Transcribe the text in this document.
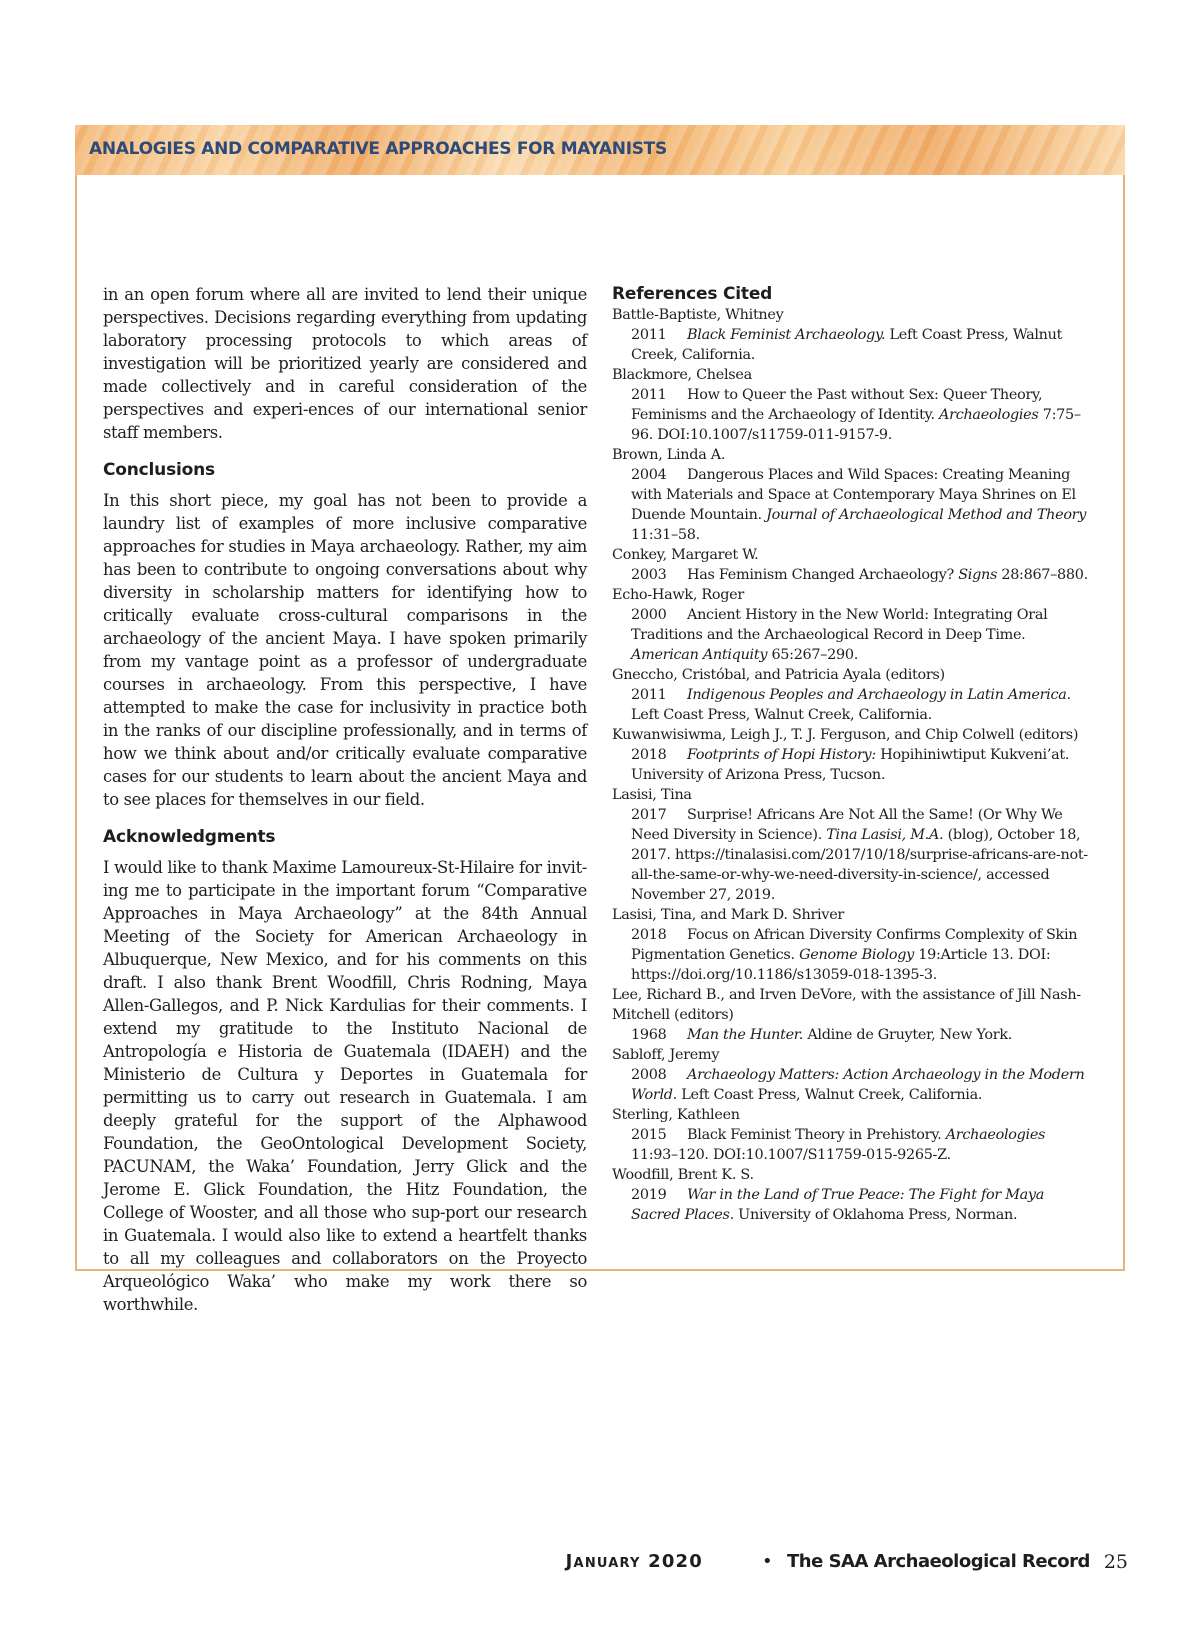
ANALOGIES AND COMPARATIVE APPROACHES FOR MAYANISTS

in an open forum where all are invited to lend their unique perspectives. Decisions regarding everything from updating laboratory processing protocols to which areas of investigation will be prioritized yearly are considered and made collectively and in careful consideration of the perspectives and experi-ences of our international senior staff members.

Conclusions

In this short piece, my goal has not been to provide a laundry list of examples of more inclusive comparative approaches for studies in Maya archaeology. Rather, my aim has been to contribute to ongoing conversations about why diversity in scholarship matters for identifying how to critically evaluate cross-cultural comparisons in the archaeology of the ancient Maya. I have spoken primarily from my vantage point as a professor of undergraduate courses in archaeology. From this perspective, I have attempted to make the case for inclusivity in practice both in the ranks of our discipline professionally, and in terms of how we think about and/or critically evaluate comparative cases for our students to learn about the ancient Maya and to see places for themselves in our field.

Acknowledgments

I would like to thank Maxime Lamoureux-St-Hilaire for invit-ing me to participate in the important forum “Comparative Approaches in Maya Archaeology” at the 84th Annual Meeting of the Society for American Archaeology in Albuquerque, New Mexico, and for his comments on this draft. I also thank Brent Woodfill, Chris Rodning, Maya Allen-Gallegos, and P. Nick Kardulias for their comments. I extend my gratitude to the Instituto Nacional de Antropología e Historia de Guatemala (IDAEH) and the Ministerio de Cultura y Deportes in Guatemala for permitting us to carry out research in Guatemala. I am deeply grateful for the support of the Alphawood Foundation, the GeoOntological Development Society, PACUNAM, the Waka’ Foundation, Jerry Glick and the Jerome E. Glick Foundation, the Hitz Foundation, the College of Wooster, and all those who sup-port our research in Guatemala. I would also like to extend a heartfelt thanks to all my colleagues and collaborators on the Proyecto Arqueológico Waka’ who make my work there so worthwhile.

References Cited
Battle-Baptiste, Whitney
2011 Black Feminist Archaeology. Left Coast Press, Walnut Creek, California.
Blackmore, Chelsea
2011 How to Queer the Past without Sex: Queer Theory, Feminisms and the Archaeology of Identity. Archaeologies 7:75–96. DOI:10.1007/s11759-011-9157-9.
Brown, Linda A.
2004 Dangerous Places and Wild Spaces: Creating Meaning with Materials and Space at Contemporary Maya Shrines on El Duende Mountain. Journal of Archaeological Method and Theory 11:31–58.
Conkey, Margaret W.
2003 Has Feminism Changed Archaeology? Signs 28:867–880.
Echo-Hawk, Roger
2000 Ancient History in the New World: Integrating Oral Traditions and the Archaeological Record in Deep Time. American Antiquity 65:267–290.
Gnecchо, Cristóbal, and Patricia Ayala (editors)
2011 Indigenous Peoples and Archaeology in Latin America. Left Coast Press, Walnut Creek, California.
Kuwanwisiwma, Leigh J., T. J. Ferguson, and Chip Colwell (editors)
2018 Footprints of Hopi History: Hopihiniwtiput Kukveni’at. University of Arizona Press, Tucson.
Lasisi, Tina
2017 Surprise! Africans Are Not All the Same! (Or Why We Need Diversity in Science). Tina Lasisi, M.A. (blog), October 18, 2017. https://tinalasisi.com/2017/10/18/surprise-africans-are-not-all-the-same-or-why-we-need-diversity-in-science/, accessed November 27, 2019.
Lasisi, Tina, and Mark D. Shriver
2018 Focus on African Diversity Confirms Complexity of Skin Pigmentation Genetics. Genome Biology 19:Article 13. DOI: https://doi.org/10.1186/s13059-018-1395-3.
Lee, Richard B., and Irven DeVore, with the assistance of Jill Nash-Mitchell (editors)
1968 Man the Hunter. Aldine de Gruyter, New York.
Sabloff, Jeremy
2008 Archaeology Matters: Action Archaeology in the Modern World. Left Coast Press, Walnut Creek, California.
Sterling, Kathleen
2015 Black Feminist Theory in Prehistory. Archaeologies 11:93–120. DOI:10.1007/S11759-015-9265-Z.
Woodfill, Brent K. S.
2019 War in the Land of True Peace: The Fight for Maya Sacred Places. University of Oklahoma Press, Norman.
January 2020	• The SAA Archaeological Record 25
